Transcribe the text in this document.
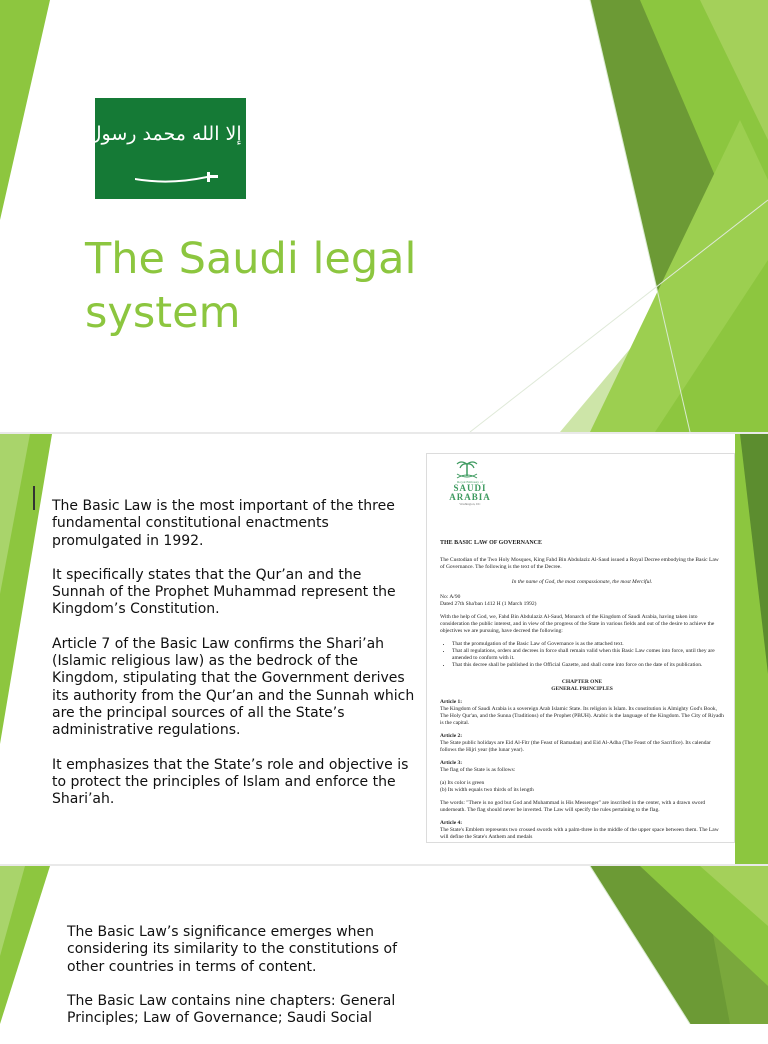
لا إله إلا الله محمد رسول الله
The Saudi legal system

The Basic Law is the most important of the three fundamental constitutional enactments promulgated in 1992.

It specifically states that the Qur’an and the Sunnah of the Prophet Muhammad represent the Kingdom’s Constitution.

Article 7 of the Basic Law confirms the Shari’ah (Islamic religious law) as the bedrock of the Kingdom, stipulating that the Government derives its authority from the Qur’an and the Sunnah which are the principal sources of all the State’s administrative regulations.

It emphasizes that the State’s role and objective is to protect the principles of Islam and enforce the Shari’ah.

Royal Embassy of
SAUDI
ARABIA
Washington, DC
THE BASIC LAW OF GOVERNANCE
The Custodian of the Two Holy Mosques, King Fahd Bin Abdulaziz Al-Saud issued a Royal Decree embodying the Basic Law of Governance. The following is the text of the Decree.
In the name of God, the most compassionate, the most Merciful.
No: A/90
Dated 27th Sha'ban 1412 H (1 March 1992)
With the help of God, we, Fahd Bin Abdulaziz Al-Saud, Monarch of the Kingdom of Saudi Arabia, having taken into consideration the public interest, and in view of the progress of the State in various fields and out of the desire to achieve the objectives we are pursuing, have decreed the following:
• That the promulgation of the Basic Law of Governance is as the attached text.
• That all regulations, orders and decrees in force shall remain valid when this Basic Law comes into force, until they are amended to conform with it.
• That this decree shall be published in the Official Gazette, and shall come into force on the date of its publication.
CHAPTER ONE
GENERAL PRINCIPLES
Article 1:
The Kingdom of Saudi Arabia is a sovereign Arab Islamic State. Its religion is Islam. Its constitution is Almighty God's Book, The Holy Qur'an, and the Sunna (Traditions) of the Prophet (PBUH). Arabic is the language of the Kingdom. The City of Riyadh is the capital.
Article 2:
The State public holidays are Eid Al-Fitr (the Feast of Ramadan) and Eid Al-Adha (The Feast of the Sacrifice). Its calendar follows the Hijri year (the lunar year).
Article 3:
The flag of the State is as follows:
(a) Its color is green
(b) Its width equals two thirds of its length
The words: "There is no god but God and Muhammad is His Messenger" are inscribed in the center, with a drawn sword underneath. The flag should never be inverted. The Law will specify the rules pertaining to the flag.
Article 4:
The State's Emblem represents two crossed swords with a palm-three in the middle of the upper space between them. The Law will define the State's Anthem and medals

The Basic Law’s significance emerges when considering its similarity to the constitutions of other countries in terms of content.

The Basic Law contains nine chapters: General Principles; Law of Governance; Saudi Social
